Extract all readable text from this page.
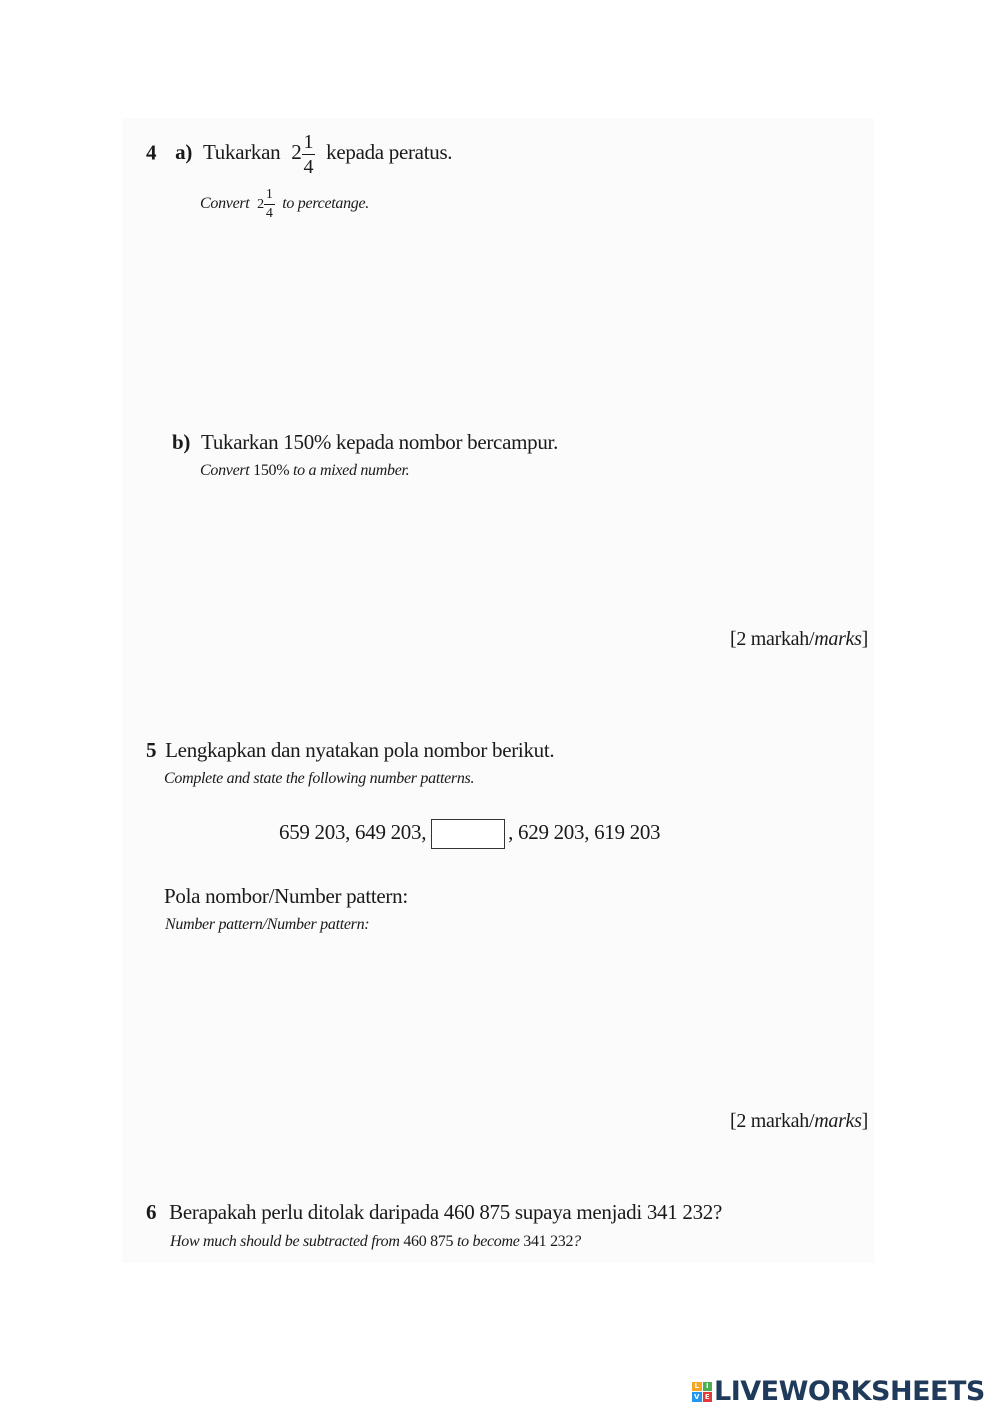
4 a) Tukarkan $2 \frac{1}{4}$ kepada peratus.
Convert $2 \frac{1}{4}$ to percetange.
b) Tukarkan 150% kepada nombor bercampur.
Convert 150% to a mixed number.
[2 markah/marks]
5 Lengkapkan dan nyatakan pola nombor berikut.
Complete and state the following number patterns.
659 203, 649 203,	, 629 203, 619 203
Pola nombor/Number pattern:
Number pattern/Number pattern:
[2 markah/marks]
6 Berapakah perlu ditolak daripada 460 875 supaya menjadi 341 232?
How much should be subtracted from 460 875 to become 341 232?
L I
V E LIVEWORKSHEETS
